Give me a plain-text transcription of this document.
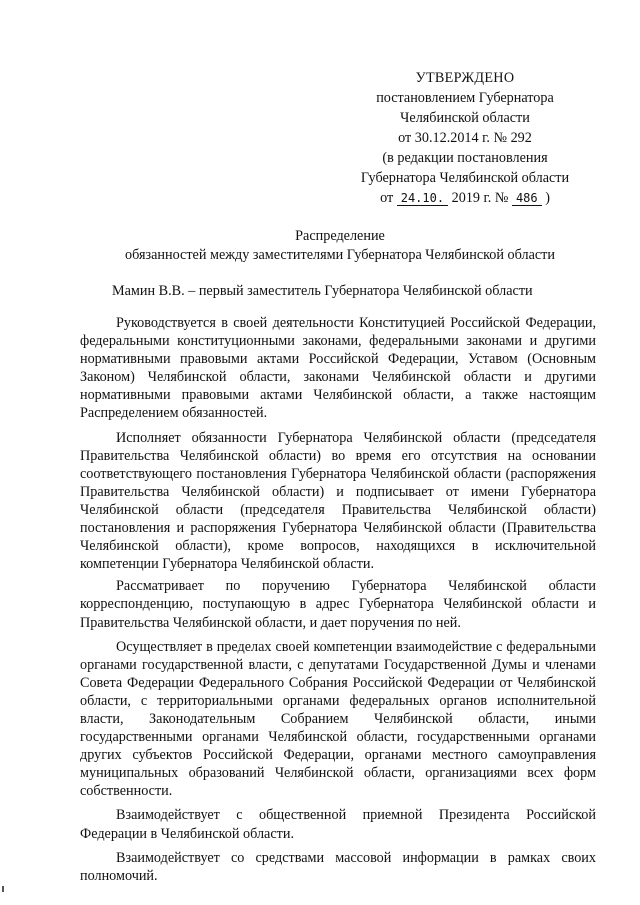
УТВЕРЖДЕНО
постановлением Губернатора
Челябинской области
от 30.12.2014 г. № 292
(в редакции постановления
Губернатора Челябинской области
от 24.10. 2019 г. № 486 )
Распределение
обязанностей между заместителями Губернатора Челябинской области
Мамин В.В. – первый заместитель Губернатора Челябинской области

Руководствуется в своей деятельности Конституцией Российской Федерации, федеральными конституционными законами, федеральными законами и другими нормативными правовыми актами Российской Федерации, Уставом (Основным Законом) Челябинской области, законами Челябинской области и другими нормативными правовыми актами Челябинской области, а также настоящим Распределением обязанностей.

Исполняет обязанности Губернатора Челябинской области (председателя Правительства Челябинской области) во время его отсутствия на основании соответствующего постановления Губернатора Челябинской области (распоряжения Правительства Челябинской области) и подписывает от имени Губернатора Челябинской области (председателя Правительства Челябинской области) постановления и распоряжения Губернатора Челябинской области (Правительства Челябинской области), кроме вопросов, находящихся в исключительной компетенции Губернатора Челябинской области.

Рассматривает по поручению Губернатора Челябинской области корреспонденцию, поступающую в адрес Губернатора Челябинской области и Правительства Челябинской области, и дает поручения по ней.

Осуществляет в пределах своей компетенции взаимодействие с федеральными органами государственной власти, с депутатами Государственной Думы и членами Совета Федерации Федерального Собрания Российской Федерации от Челябинской области, с территориальными органами федеральных органов исполнительной власти, Законодательным Собранием Челябинской области, иными государственными органами Челябинской области, государственными органами других субъектов Российской Федерации, органами местного самоуправления муниципальных образований Челябинской области, организациями всех форм собственности.

Взаимодействует с общественной приемной Президента Российской Федерации в Челябинской области.

Взаимодействует со средствами массовой информации в рамках своих полномочий.
